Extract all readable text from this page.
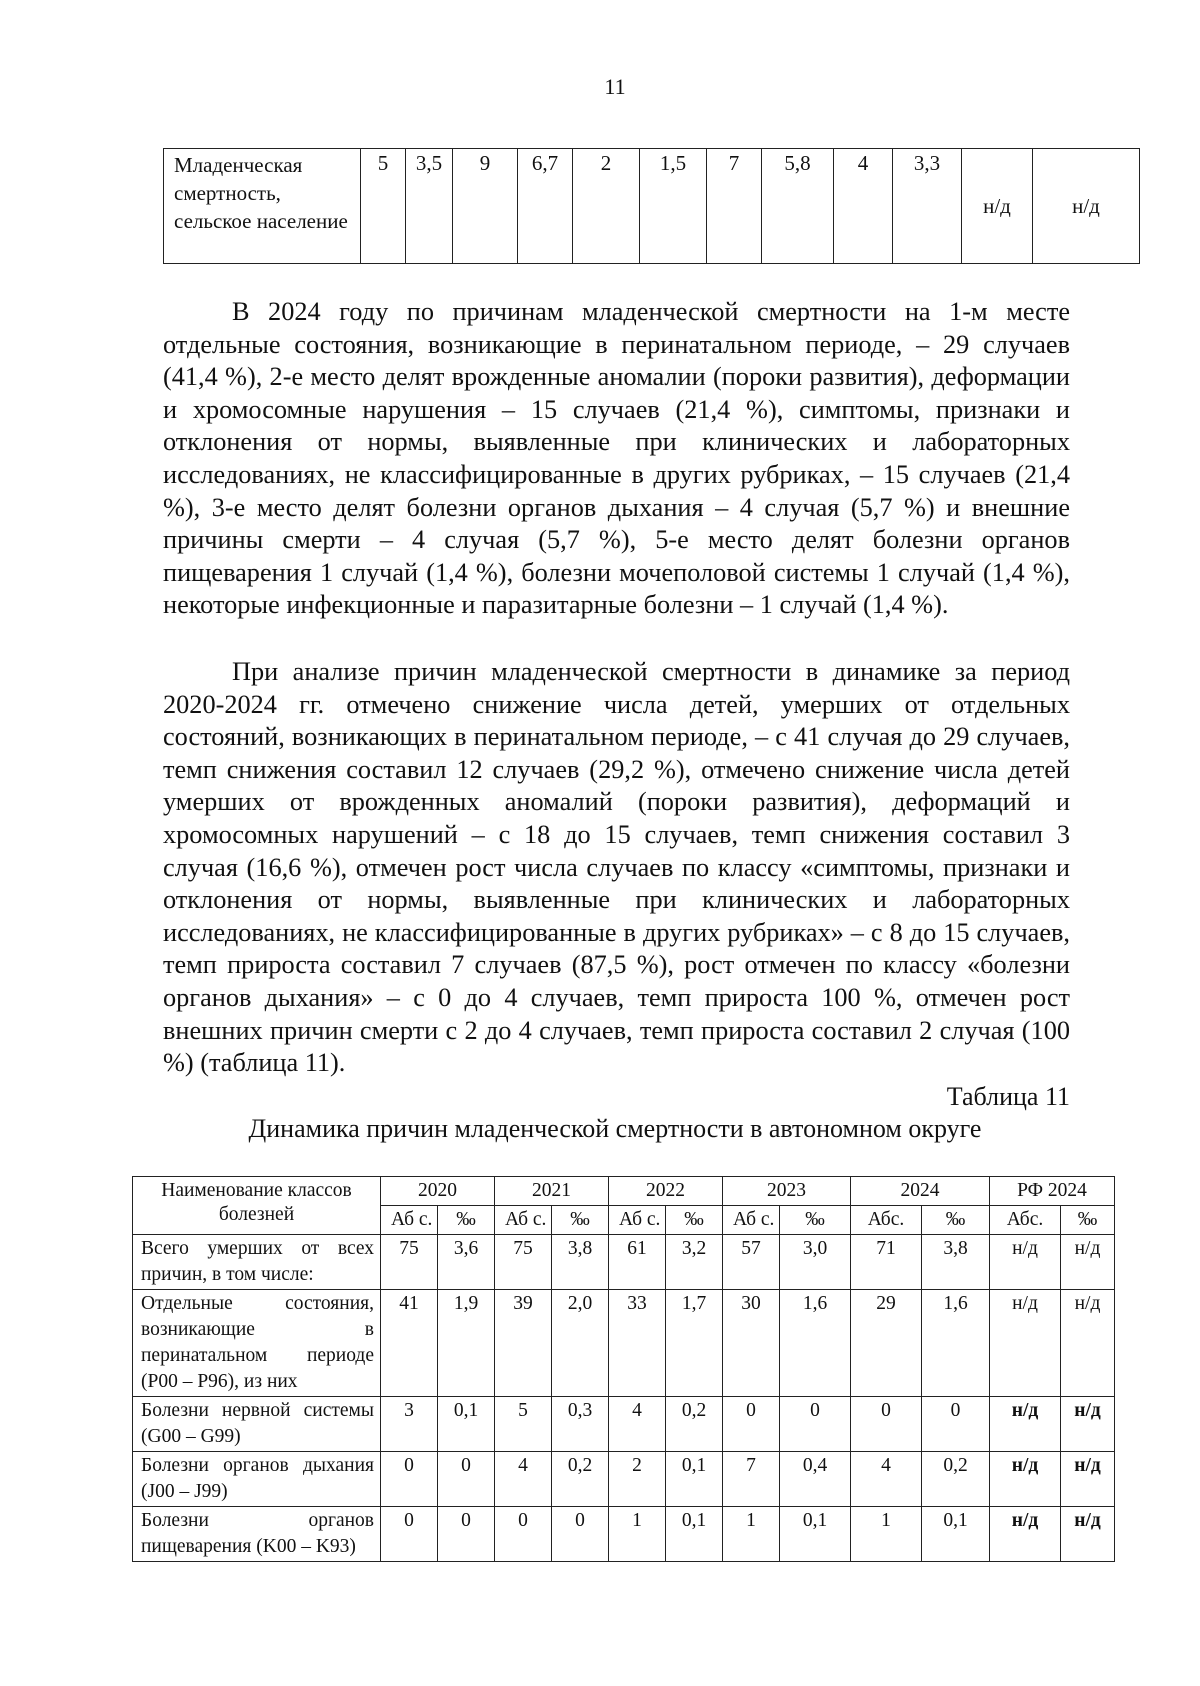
11
Младенческая смертность, сельское население	5	3,5	9	6,7	2	1,5	7	5,8	4	3,3	н/д	н/д

В 2024 году по причинам младенческой смертности на 1-м месте отдельные состояния, возникающие в перинатальном периоде, – 29 случаев (41,4 %), 2-е место делят врожденные аномалии (пороки развития), деформации и хромосомные нарушения – 15 случаев (21,4 %), симптомы, признаки и отклонения от нормы, выявленные при клинических и лабораторных исследованиях, не классифицированные в других рубриках, – 15 случаев (21,4 %), 3-е место делят болезни органов дыхания – 4 случая (5,7 %) и внешние причины смерти – 4 случая (5,7 %), 5-е место делят болезни органов пищеварения 1 случай (1,4 %), болезни мочеполовой системы 1 случай (1,4 %), некоторые инфекционные и паразитарные болезни – 1 случай (1,4 %).

При анализе причин младенческой смертности в динамике за период 2020-2024 гг. отмечено снижение числа детей, умерших от отдельных состояний, возникающих в перинатальном периоде, – с 41 случая до 29 случаев, темп снижения составил 12 случаев (29,2 %), отмечено снижение числа детей умерших от врожденных аномалий (пороки развития), деформаций и хромосомных нарушений – с 18 до 15 случаев, темп снижения составил 3 случая (16,6 %), отмечен рост числа случаев по классу «симптомы, признаки и отклонения от нормы, выявленные при клинических и лабораторных исследованиях, не классифицированные в других рубриках» – с 8 до 15 случаев, темп прироста составил 7 случаев (87,5 %), рост отмечен по классу «болезни органов дыхания» – с 0 до 4 случаев, темп прироста 100 %, отмечен рост внешних причин смерти с 2 до 4 случаев, темп прироста составил 2 случая (100 %) (таблица 11).

Таблица 11
Динамика причин младенческой смертности в автономном округе
Наименование классов болезней	2020		2021		2022		2023		2024		РФ 2024	
	Аб с.	‰	Аб с.	‰	Аб с.	‰	Аб с.	‰	Абс.	‰	Абс.	‰
Всего умерших от всех причин, в том числе:	75	3,6	75	3,8	61	3,2	57	3,0	71	3,8	н/д	н/д
Отдельные состояния, возникающие в перинатальном периоде (P00 – P96), из них	41	1,9	39	2,0	33	1,7	30	1,6	29	1,6	н/д	н/д
Болезни нервной системы (G00 – G99)	3	0,1	5	0,3	4	0,2	0	0	0	0	н/д	н/д
Болезни органов дыхания (J00 – J99)	0	0	4	0,2	2	0,1	7	0,4	4	0,2	н/д	н/д
Болезни органов пищеварения (K00 – K93)	0	0	0	0	1	0,1	1	0,1	1	0,1	н/д	н/д
